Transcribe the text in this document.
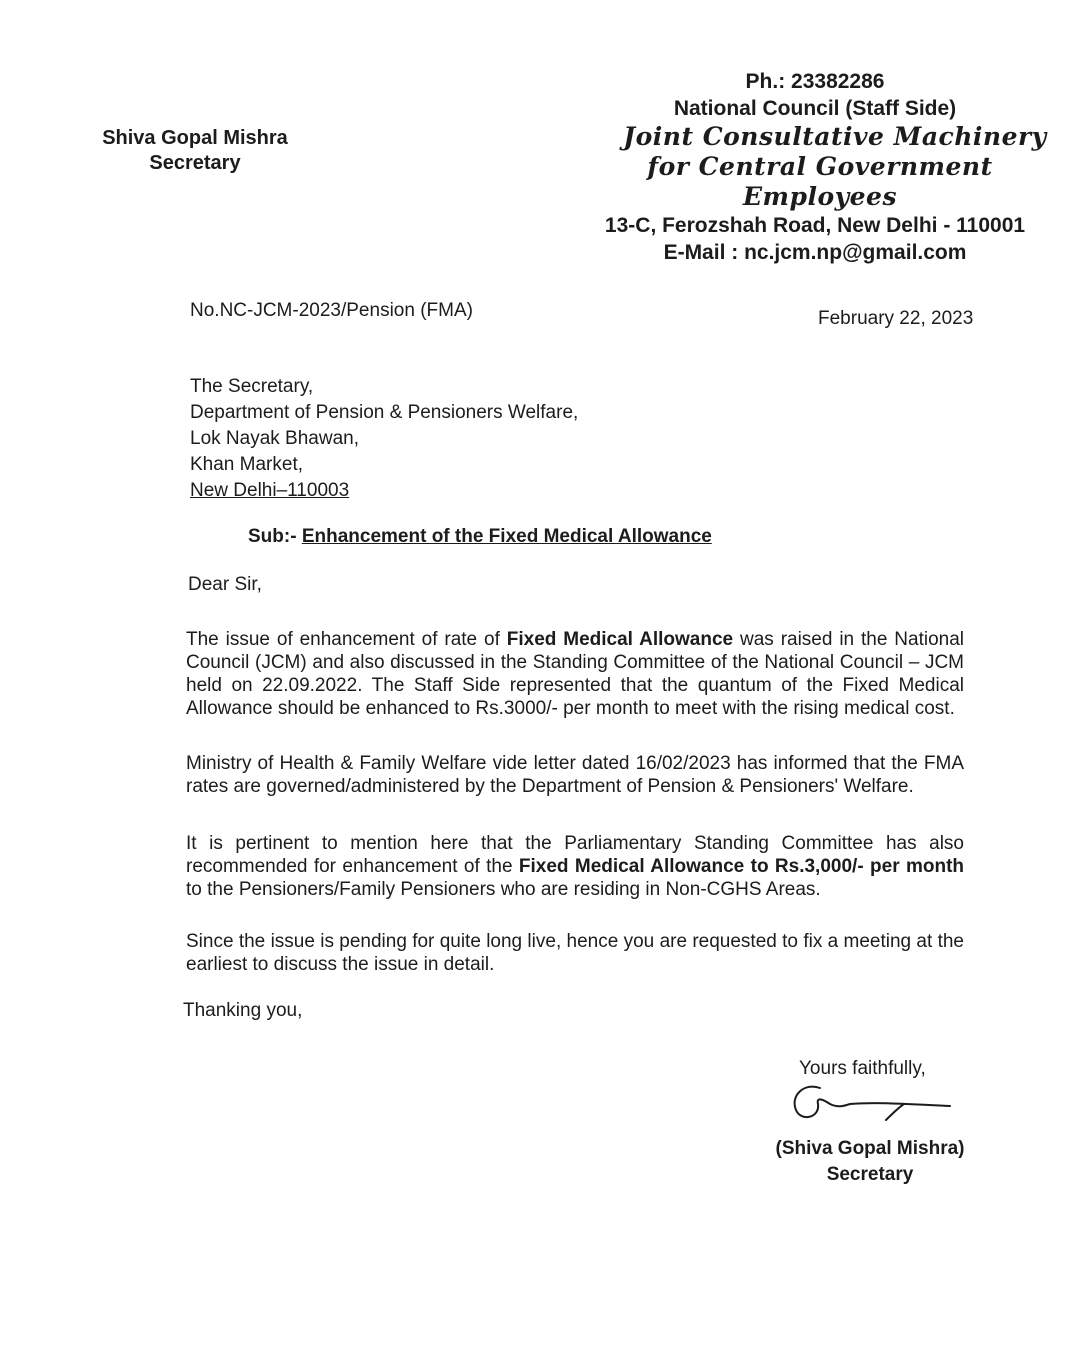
Shiva Gopal Mishra
Secretary
Ph.: 23382286
National Council (Staff Side)
Joint Consultative Machinery
for Central Government Employees
13-C, Ferozshah Road, New Delhi - 110001
E-Mail : nc.jcm.np@gmail.com
No.NC-JCM-2023/Pension (FMA)	February 22, 2023
The Secretary,
Department of Pension & Pensioners Welfare,
Lok Nayak Bhawan,
Khan Market,
New Delhi–110003
Sub:- Enhancement of the Fixed Medical Allowance
Dear Sir,
The issue of enhancement of rate of Fixed Medical Allowance was raised in the National Council (JCM) and also discussed in the Standing Committee of the National Council – JCM held on 22.09.2022. The Staff Side represented that the quantum of the Fixed Medical Allowance should be enhanced to Rs.3000/- per month to meet with the rising medical cost.
Ministry of Health & Family Welfare vide letter dated 16/02/2023 has informed that the FMA rates are governed/administered by the Department of Pension & Pensioners' Welfare.
It is pertinent to mention here that the Parliamentary Standing Committee has also recommended for enhancement of the Fixed Medical Allowance to Rs.3,000/- per month to the Pensioners/Family Pensioners who are residing in Non-CGHS Areas.
Since the issue is pending for quite long live, hence you are requested to fix a meeting at the earliest to discuss the issue in detail.
Thanking you,
Yours faithfully,
(Shiva Gopal Mishra)
Secretary
